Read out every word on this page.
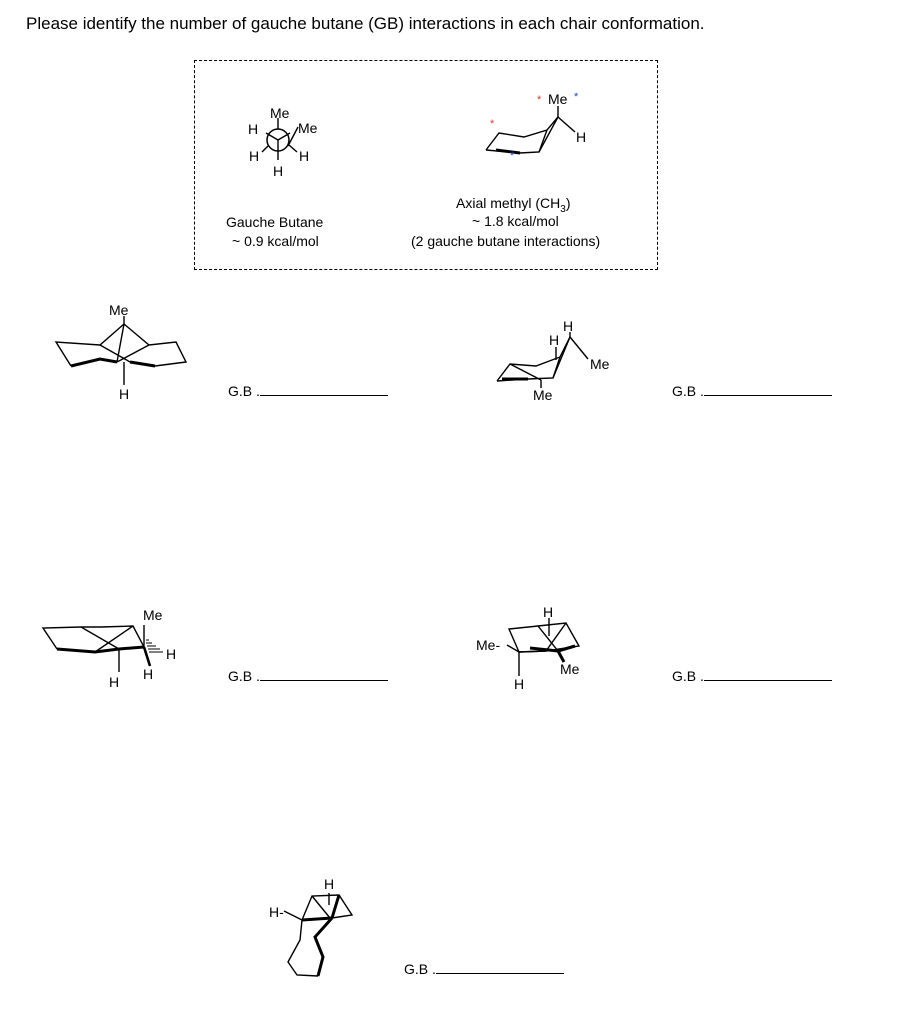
Please identify the number of gauche butane (GB) interactions in each chair conformation.
Me
H	Me
H	H
H
Gauche Butane
~ 0.9 kcal/mol
* Me *
*
*
H
Axial methyl $(CH_3)$
~ 1.8 kcal/mol
(2 gauche butane interactions)
Me
H	G.B .
H
H
Me
Me	G.B .
Me
H
H
H	G.B .
Me-
H
Me
H	G.B .
H
H-
G.B .
